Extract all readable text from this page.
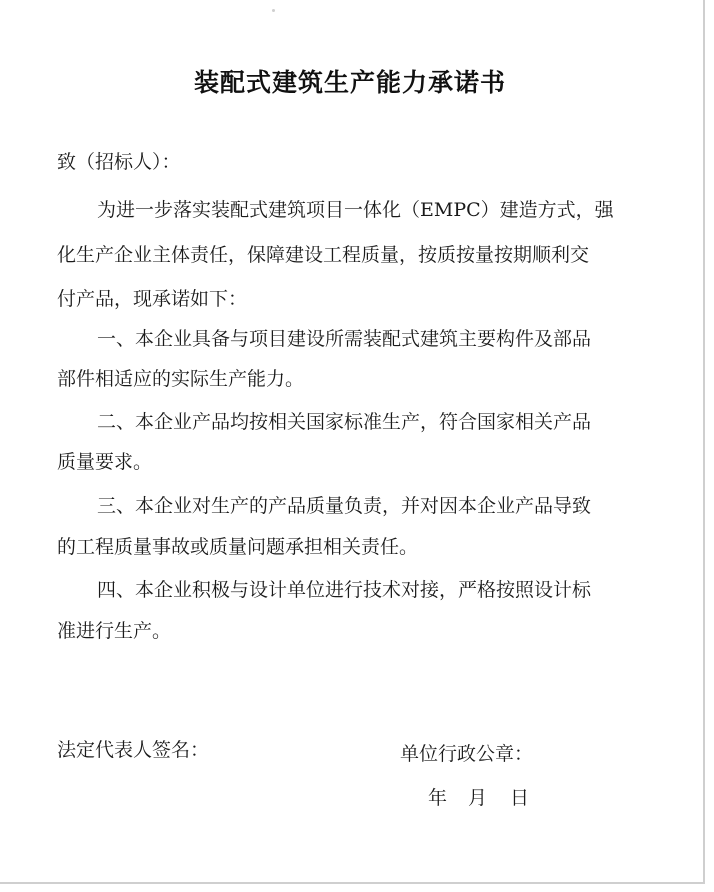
装配式建筑生产能力承诺书
致（招标人）：
为进一步落实装配式建筑项目一体化（EMPC）建造方式，强
化生产企业主体责任，保障建设工程质量，按质按量按期顺利交
付产品，现承诺如下：
一、本企业具备与项目建设所需装配式建筑主要构件及部品
部件相适应的实际生产能力。
二、本企业产品均按相关国家标准生产，符合国家相关产品
质量要求。
三、本企业对生产的产品质量负责，并对因本企业产品导致
的工程质量事故或质量问题承担相关责任。
四、本企业积极与设计单位进行技术对接，严格按照设计标
准进行生产。
法定代表人签名：	单位行政公章：
年 月 日
